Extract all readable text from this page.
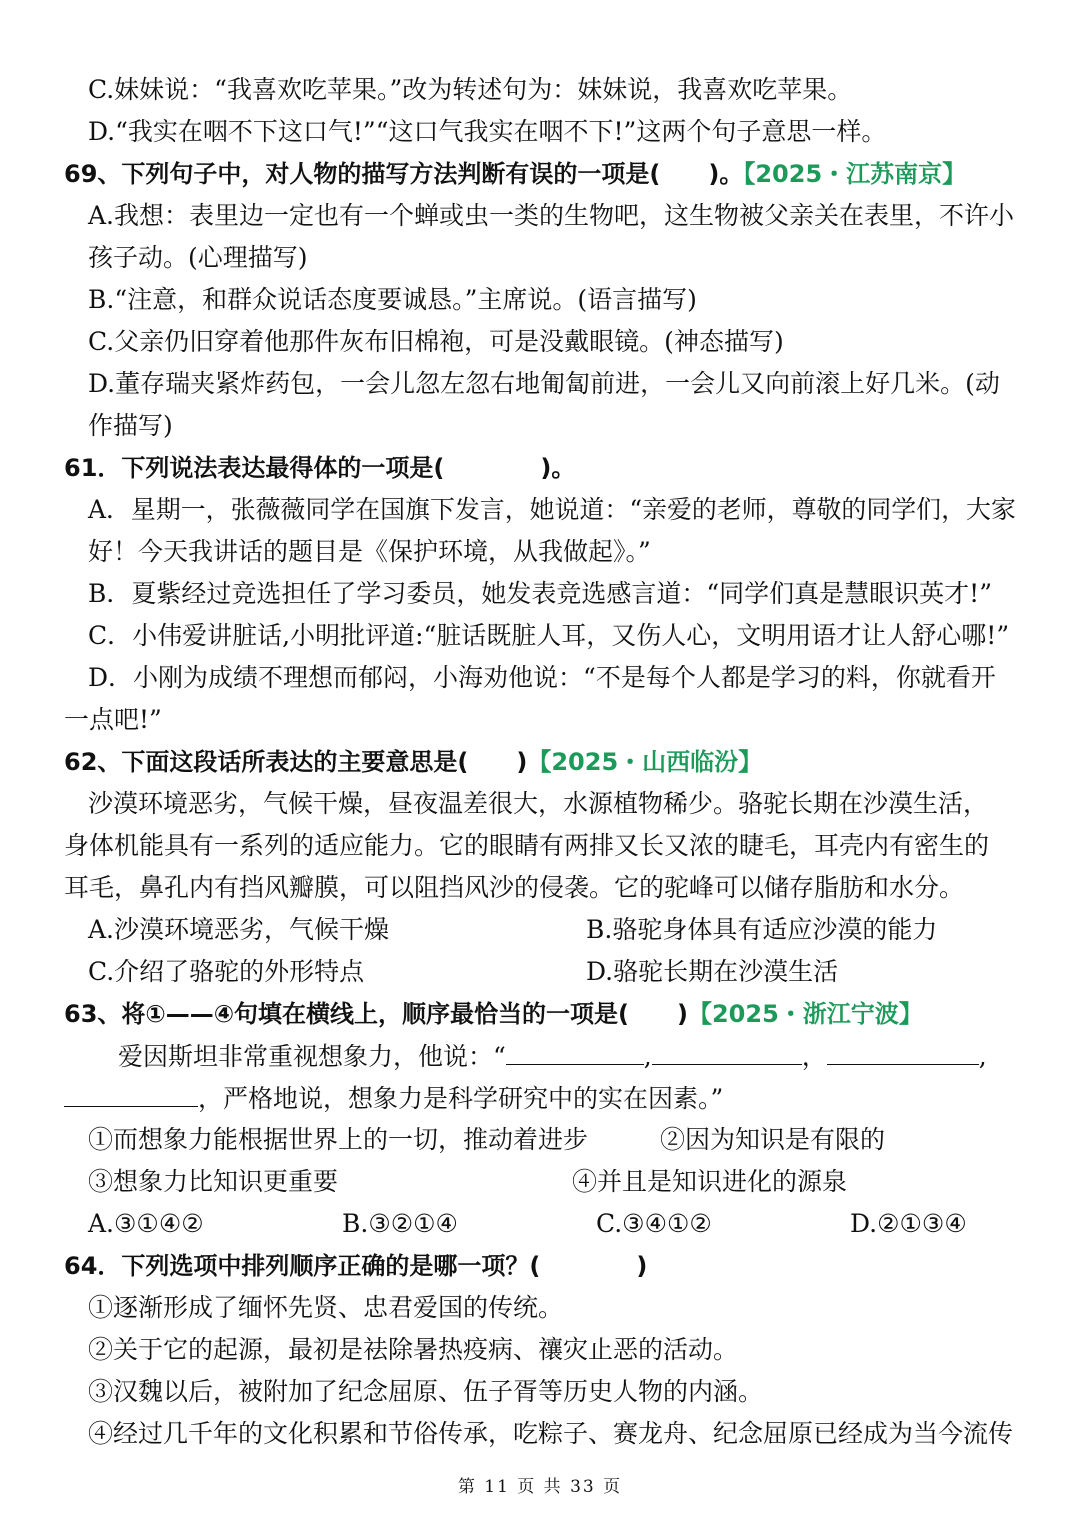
C.妹妹说：“我喜欢吃苹果。”改为转述句为：妹妹说，我喜欢吃苹果。
D.“我实在咽不下这口气!”“这口气我实在咽不下!”这两个句子意思一样。
69、下列句子中，对人物的描写方法判断有误的一项是(　　)。【2025・江苏南京】
A.我想：表里边一定也有一个蝉或虫一类的生物吧，这生物被父亲关在表里，不许小
孩子动。(心理描写)
B.“注意，和群众说话态度要诚恳。”主席说。(语言描写)
C.父亲仍旧穿着他那件灰布旧棉袍，可是没戴眼镜。(神态描写)
D.董存瑞夹紧炸药包，一会儿忽左忽右地匍匐前进，一会儿又向前滚上好几米。(动
作描写)
61．下列说法表达最得体的一项是(　　　　)。
A．星期一，张薇薇同学在国旗下发言，她说道：“亲爱的老师，尊敬的同学们，大家
好！今天我讲话的题目是《保护环境，从我做起》。”
B．夏紫经过竞选担任了学习委员，她发表竞选感言道：“同学们真是慧眼识英才!”
C．小伟爱讲脏话,小明批评道:“脏话既脏人耳，又伤人心，文明用语才让人舒心哪!”
D．小刚为成绩不理想而郁闷，小海劝他说：“不是每个人都是学习的料，你就看开
一点吧!”
62、下面这段话所表达的主要意思是(　　)【2025・山西临汾】
沙漠环境恶劣，气候干燥，昼夜温差很大，水源植物稀少。骆驼长期在沙漠生活，
身体机能具有一系列的适应能力。它的眼睛有两排又长又浓的睫毛，耳壳内有密生的
耳毛，鼻孔内有挡风瓣膜，可以阻挡风沙的侵袭。它的驼峰可以储存脂肪和水分。
A.沙漠环境恶劣，气候干燥	B.骆驼身体具有适应沙漠的能力
C.介绍了骆驼的外形特点	D.骆驼长期在沙漠生活
63、将①——④句填在横线上，顺序最恰当的一项是(　　)【2025・浙江宁波】
爱因斯坦非常重视想象力，他说：“	,	，	,
，严格地说，想象力是科学研究中的实在因素。”
①而想象力能根据世界上的一切，推动着进步	②因为知识是有限的
③想象力比知识更重要	④并且是知识进化的源泉
A.③①④②	B.③②①④	C.③④①②	D.②①③④
64．下列选项中排列顺序正确的是哪一项？(　　　　)
①逐渐形成了缅怀先贤、忠君爱国的传统。
②关于它的起源，最初是祛除暑热疫病、禳灾止恶的活动。
③汉魏以后，被附加了纪念屈原、伍子胥等历史人物的内涵。
④经过几千年的文化积累和节俗传承，吃粽子、赛龙舟、纪念屈原已经成为当今流传
第 11 页 共 33 页
